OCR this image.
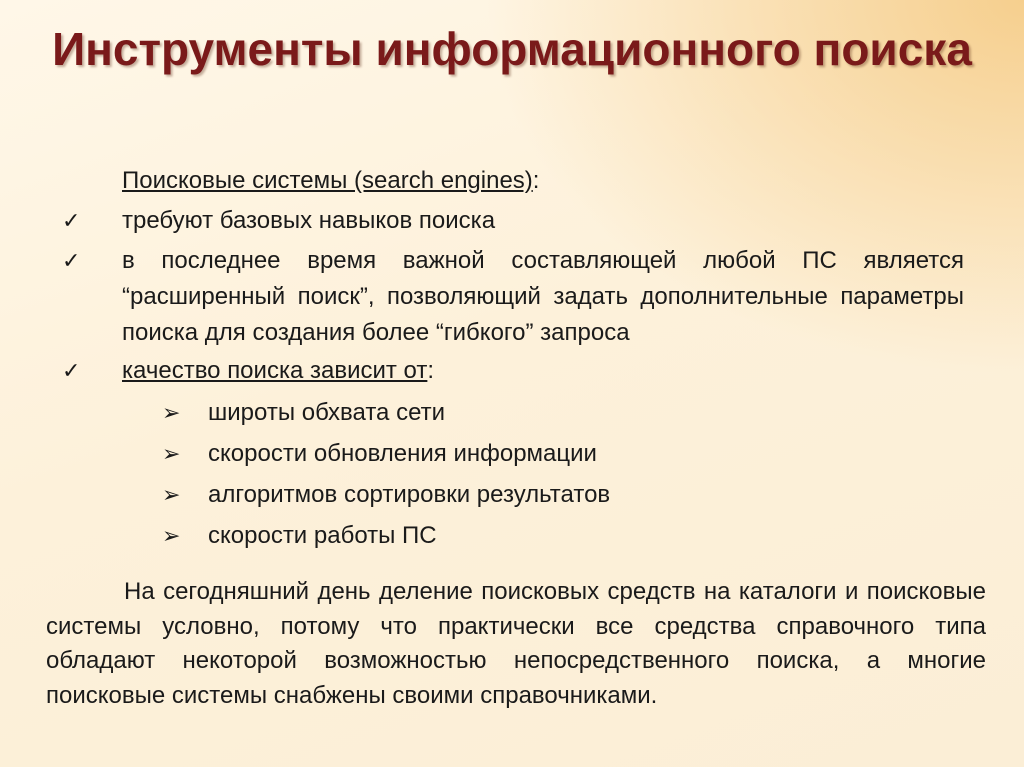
Инструменты информационного поиска
Поисковые системы (search engines):
✓ требуют базовых навыков поиска
✓ в последнее время важной составляющей любой ПС является “расширенный поиск”, позволяющий задать дополнительные параметры поиска для создания более “гибкого” запроса
✓ качество поиска зависит от:
➢ широты обхвата сети
➢ скорости обновления информации
➢ алгоритмов сортировки результатов
➢ скорости работы ПС

На сегодняшний день деление поисковых средств на каталоги и поисковые системы условно, потому что практически все средства справочного типа обладают некоторой возможностью непосредственного поиска, а многие поисковые системы снабжены своими справочниками.
